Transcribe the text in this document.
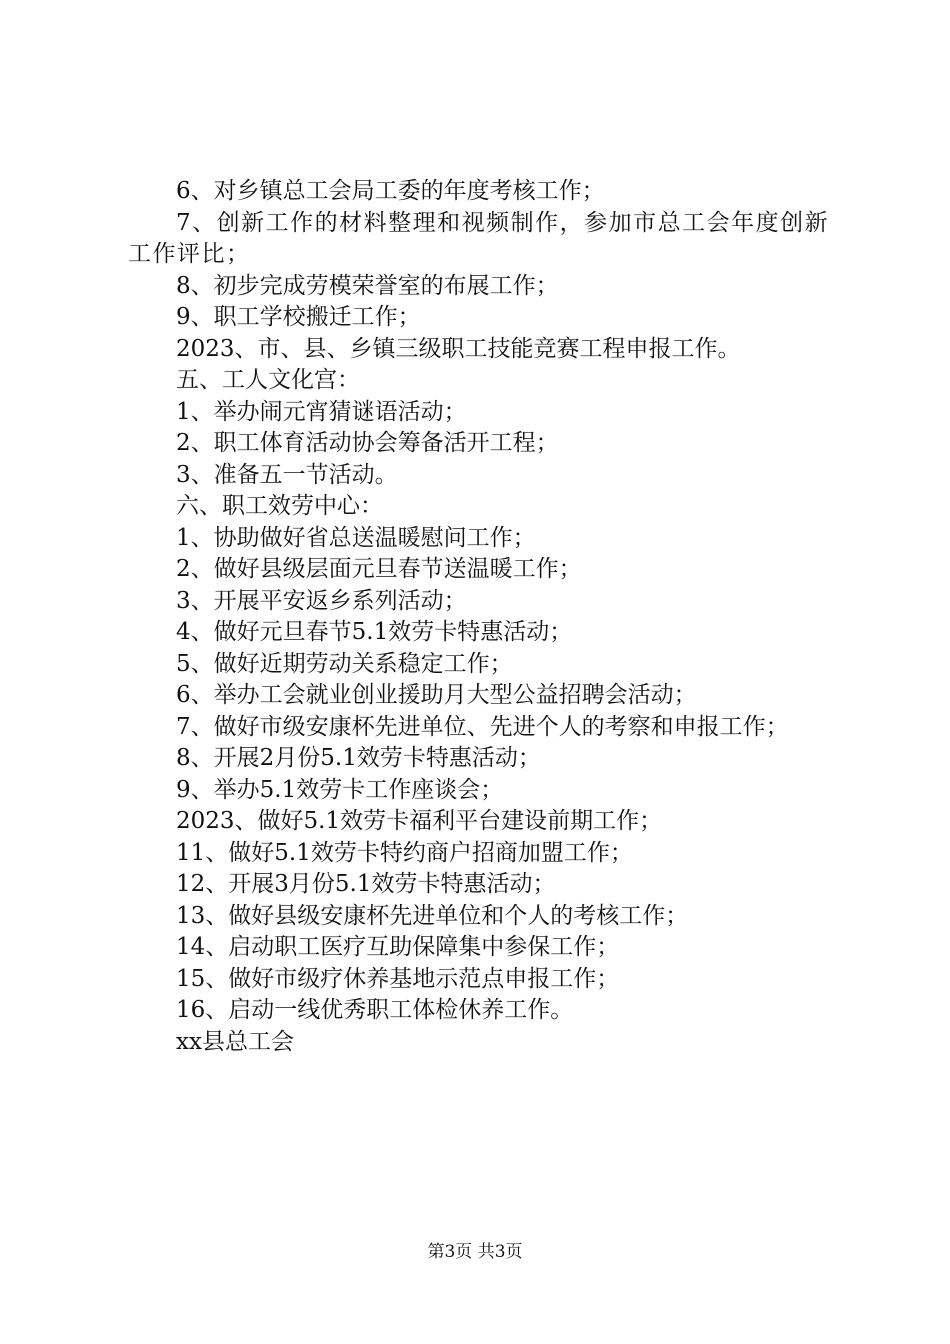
6、对乡镇总工会局工委的年度考核工作；
7、创新工作的材料整理和视频制作，参加市总工会年度创新工作评比；
8、初步完成劳模荣誉室的布展工作；
9、职工学校搬迁工作；
2023、市、县、乡镇三级职工技能竞赛工程申报工作。
五、工人文化宫：
1、举办闹元宵猜谜语活动；
2、职工体育活动协会筹备活开工程；
3、准备五一节活动。
六、职工效劳中心：
1、协助做好省总送温暖慰问工作；
2、做好县级层面元旦春节送温暖工作；
3、开展平安返乡系列活动；
4、做好元旦春节5.1效劳卡特惠活动；
5、做好近期劳动关系稳定工作；
6、举办工会就业创业援助月大型公益招聘会活动；
7、做好市级安康杯先进单位、先进个人的考察和申报工作；
8、开展2月份5.1效劳卡特惠活动；
9、举办5.1效劳卡工作座谈会；
2023、做好5.1效劳卡福利平台建设前期工作；
11、做好5.1效劳卡特约商户招商加盟工作；
12、开展3月份5.1效劳卡特惠活动；
13、做好县级安康杯先进单位和个人的考核工作；
14、启动职工医疗互助保障集中参保工作；
15、做好市级疗休养基地示范点申报工作；
16、启动一线优秀职工体检休养工作。
xx县总工会
第3页 共3页
